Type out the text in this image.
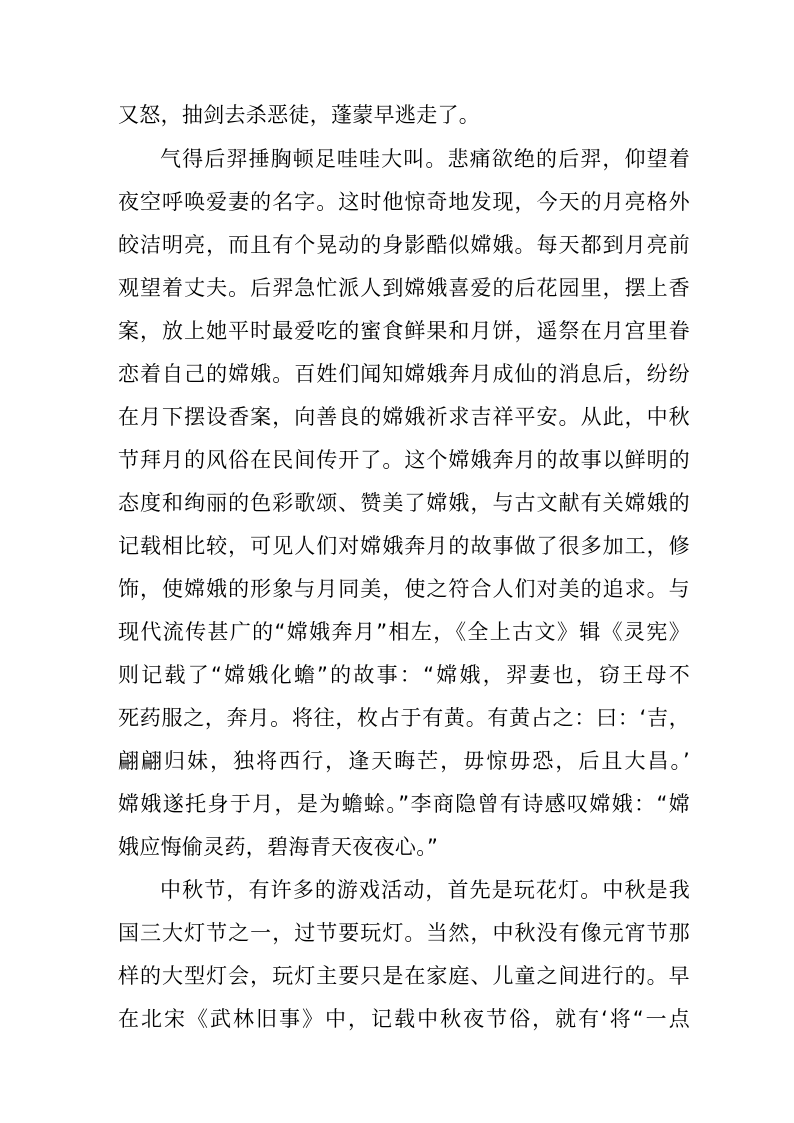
又怒，抽剑去杀恶徒，蓬蒙早逃走了。
气得后羿捶胸顿足哇哇大叫。悲痛欲绝的后羿，仰望着
夜空呼唤爱妻的名字。这时他惊奇地发现，今天的月亮格外
皎洁明亮，而且有个晃动的身影酷似嫦娥。每天都到月亮前
观望着丈夫。后羿急忙派人到嫦娥喜爱的后花园里，摆上香
案，放上她平时最爱吃的蜜食鲜果和月饼，遥祭在月宫里眷
恋着自己的嫦娥。百姓们闻知嫦娥奔月成仙的消息后，纷纷
在月下摆设香案，向善良的嫦娥祈求吉祥平安。从此，中秋
节拜月的风俗在民间传开了。这个嫦娥奔月的故事以鲜明的
态度和绚丽的色彩歌颂、赞美了嫦娥，与古文献有关嫦娥的
记载相比较，可见人们对嫦娥奔月的故事做了很多加工，修
饰，使嫦娥的形象与月同美，使之符合人们对美的追求。与
现代流传甚广的“嫦娥奔月”相左，《全上古文》辑《灵宪》
则记载了“嫦娥化蟾”的故事：“嫦娥，羿妻也，窃王母不
死药服之，奔月。将往，枚占于有黄。有黄占之：曰：‘吉，
翩翩归妹，独将西行，逢天晦芒，毋惊毋恐，后且大昌。’
嫦娥遂托身于月，是为蟾蜍。”李商隐曾有诗感叹嫦娥：“嫦
娥应悔偷灵药，碧海青天夜夜心。”
中秋节，有许多的游戏活动，首先是玩花灯。中秋是我
国三大灯节之一，过节要玩灯。当然，中秋没有像元宵节那
样的大型灯会，玩灯主要只是在家庭、儿童之间进行的。早
在北宋《武林旧事》中，记载中秋夜节俗，就有‘将“一点
